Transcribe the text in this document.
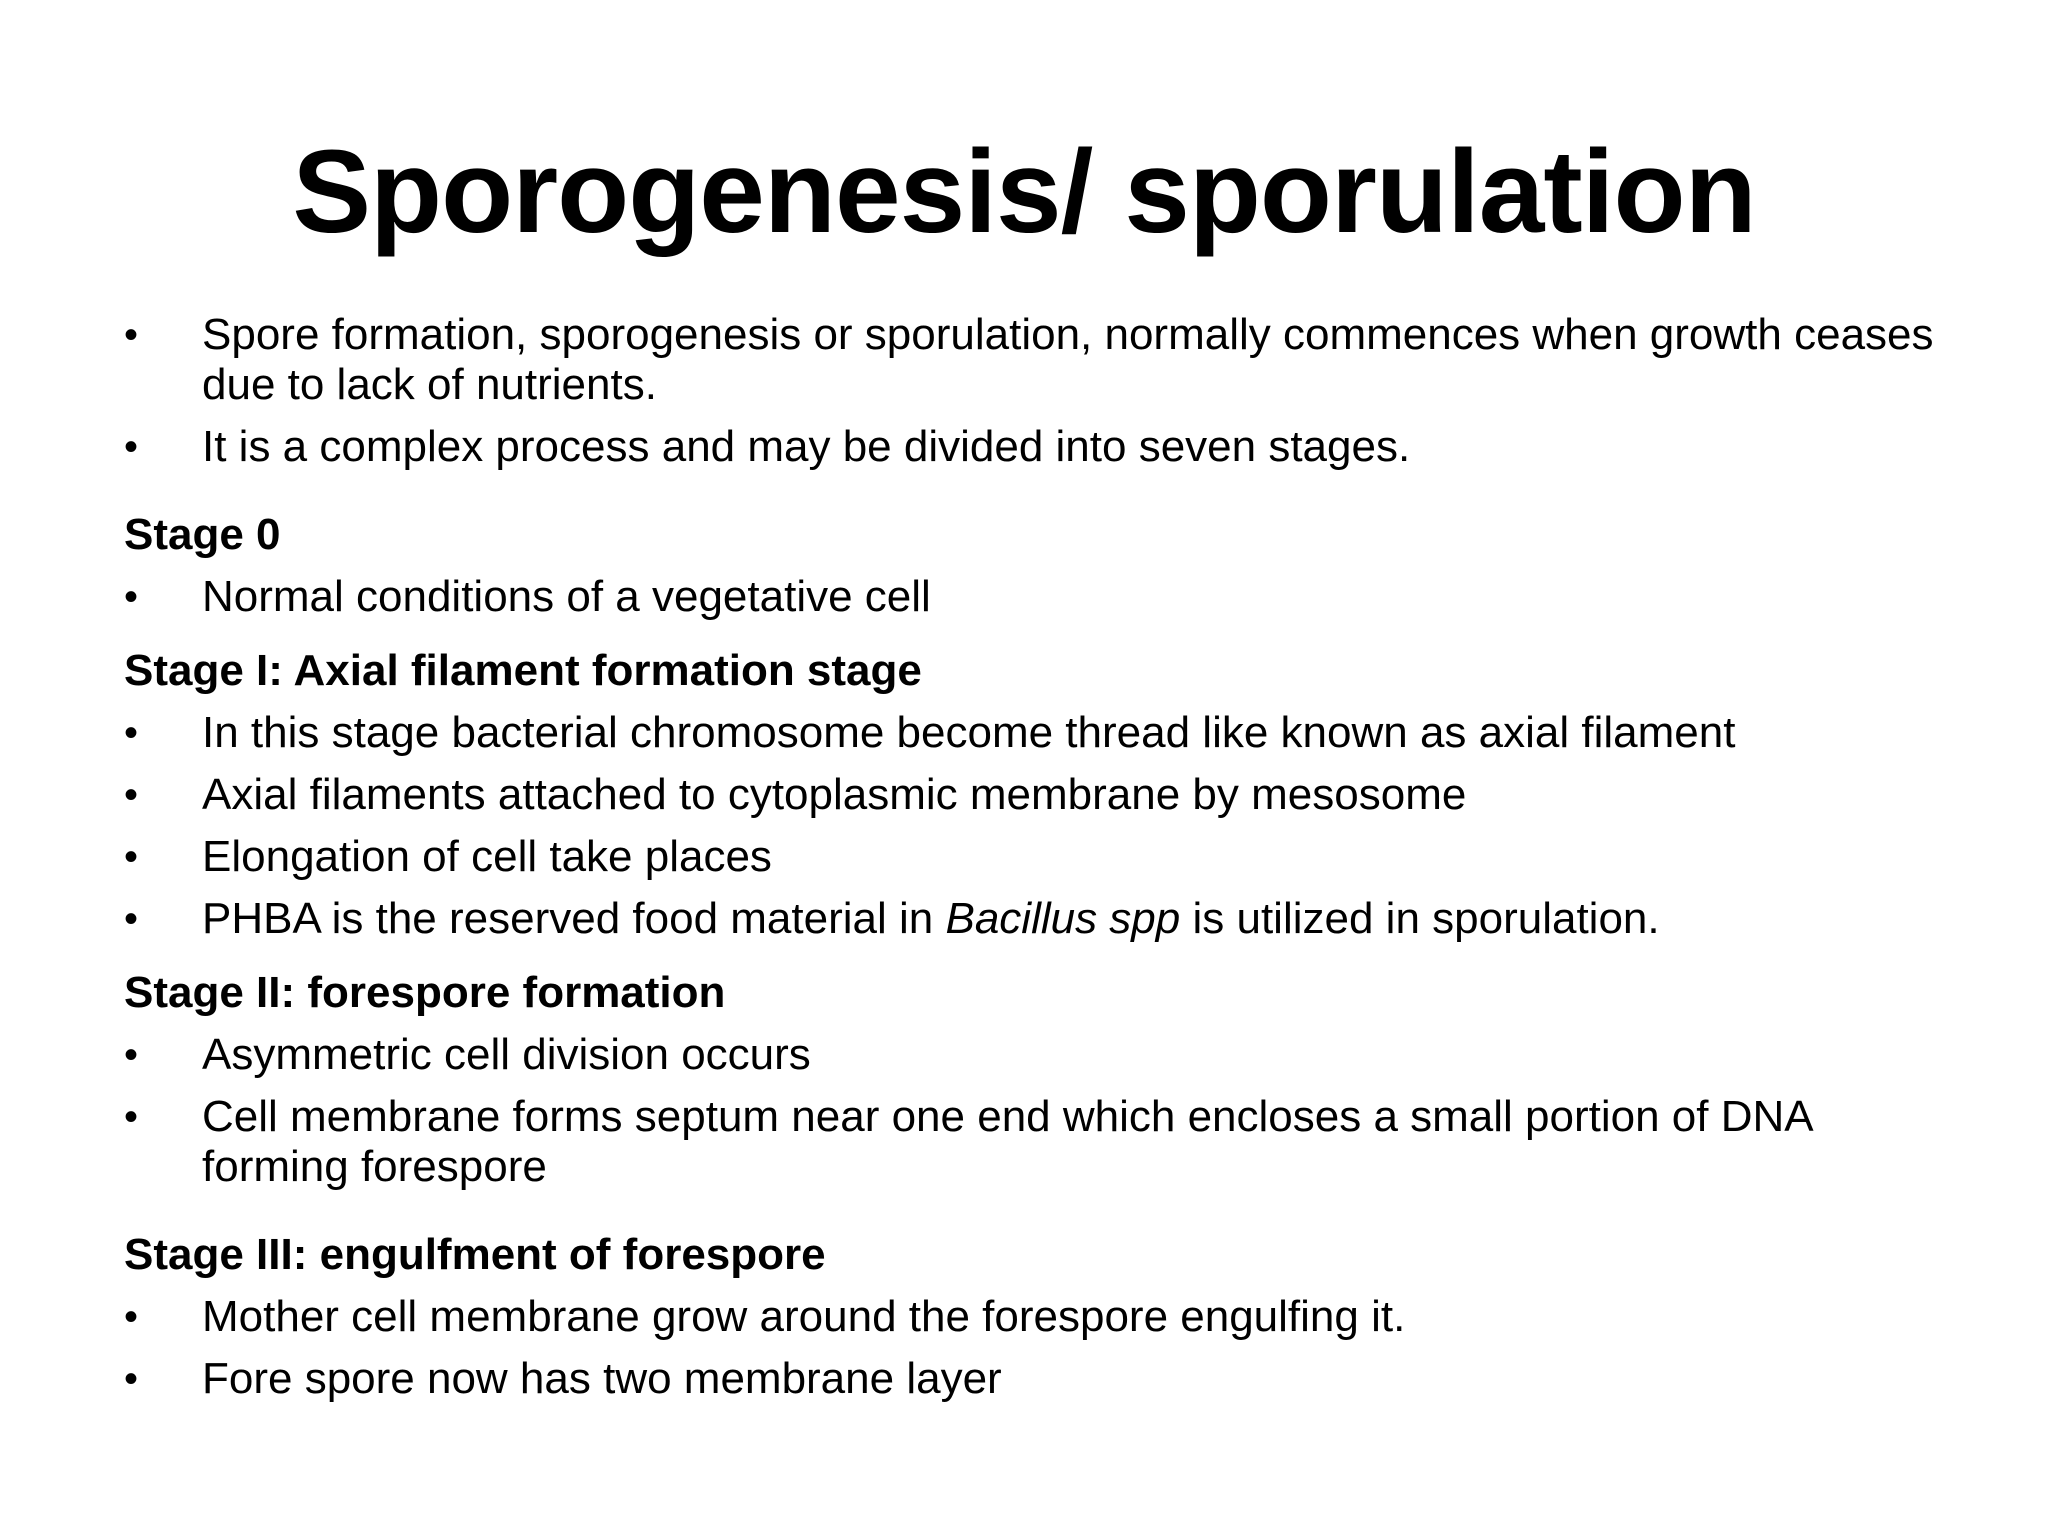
Sporogenesis/ sporulation

•	Spore formation, sporogenesis or sporulation, normally commences when growth ceases due to lack of nutrients.

•	It is a complex process and may be divided into seven stages.

Stage 0

•	Normal conditions of a vegetative cell

Stage I: Axial filament formation stage

•	In this stage bacterial chromosome become thread like known as axial filament

•	Axial filaments attached to cytoplasmic membrane by mesosome

•	Elongation of cell take places

•	PHBA is the reserved food material in Bacillus spp is utilized in sporulation.

Stage II: forespore formation

•	Asymmetric cell division occurs

•	Cell membrane forms septum near one end which encloses a small portion of DNA forming forespore

Stage III: engulfment of forespore

•	Mother cell membrane grow around the forespore engulfing it.

•	Fore spore now has two membrane layer
